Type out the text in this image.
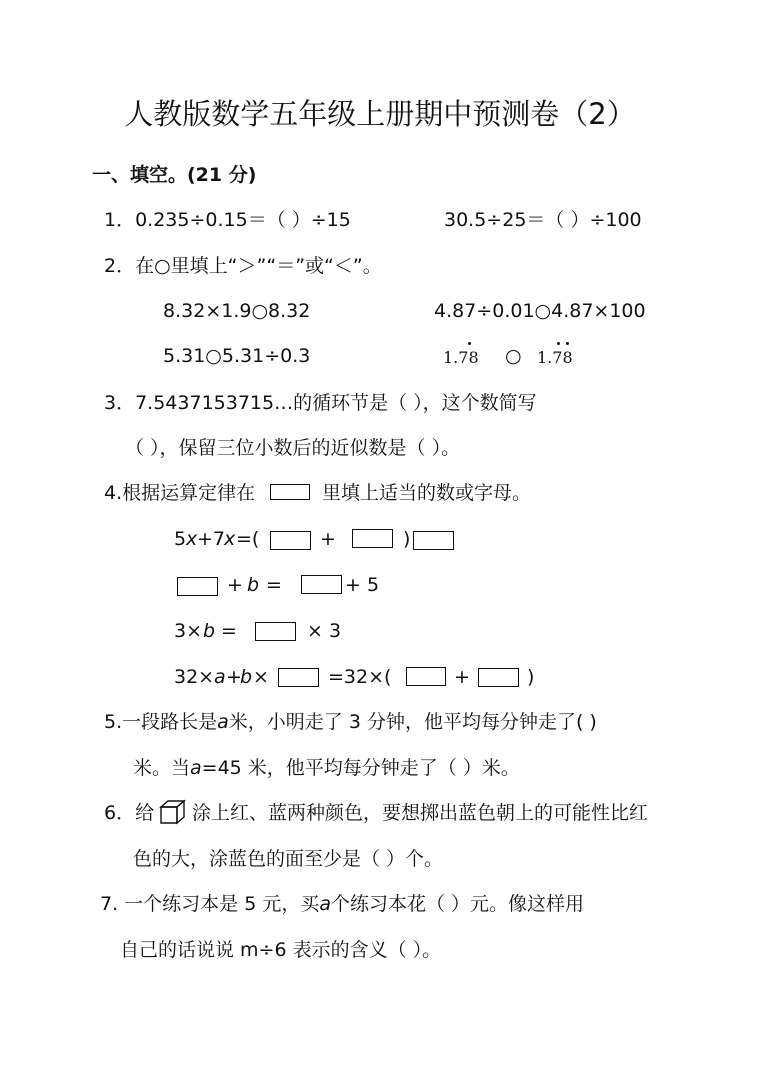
人教版数学五年级上册期中预测卷（2）
一、填空。(21 分)
1．0.235÷0.15＝（ ）÷15	30.5÷25＝（ ）÷100
2．在○里填上“＞”“＝”或“＜”。
8.32×1.9○8.32	4.87÷0.01○4.87×100
5.31○5.31÷0.3	1.78 ○ 1.78
3．7.5437153715…的循环节是（ ），这个数简写
（ ），保留三位小数后的近似数是（ ）。
4.根据运算定律在	里填上适当的数或字母。
5 x +7
x =(	+	)
+ b =	+ 5
3× b =	× 3
32× a +
b ×	=32×(	+	)
5.一段路长是a米，小明走了 3 分钟，他平均每分钟走了( )
米。当a=45 米，他平均每分钟走了（ ）米。
6．给 涂上红、蓝两种颜色，要想掷出蓝色朝上的可能性比红
色的大，涂蓝色的面至少是（ ）个。
7. 一个练习本是 5 元，买a个练习本花（ ）元。像这样用
自己的话说说 m÷6 表示的含义（ ）。
